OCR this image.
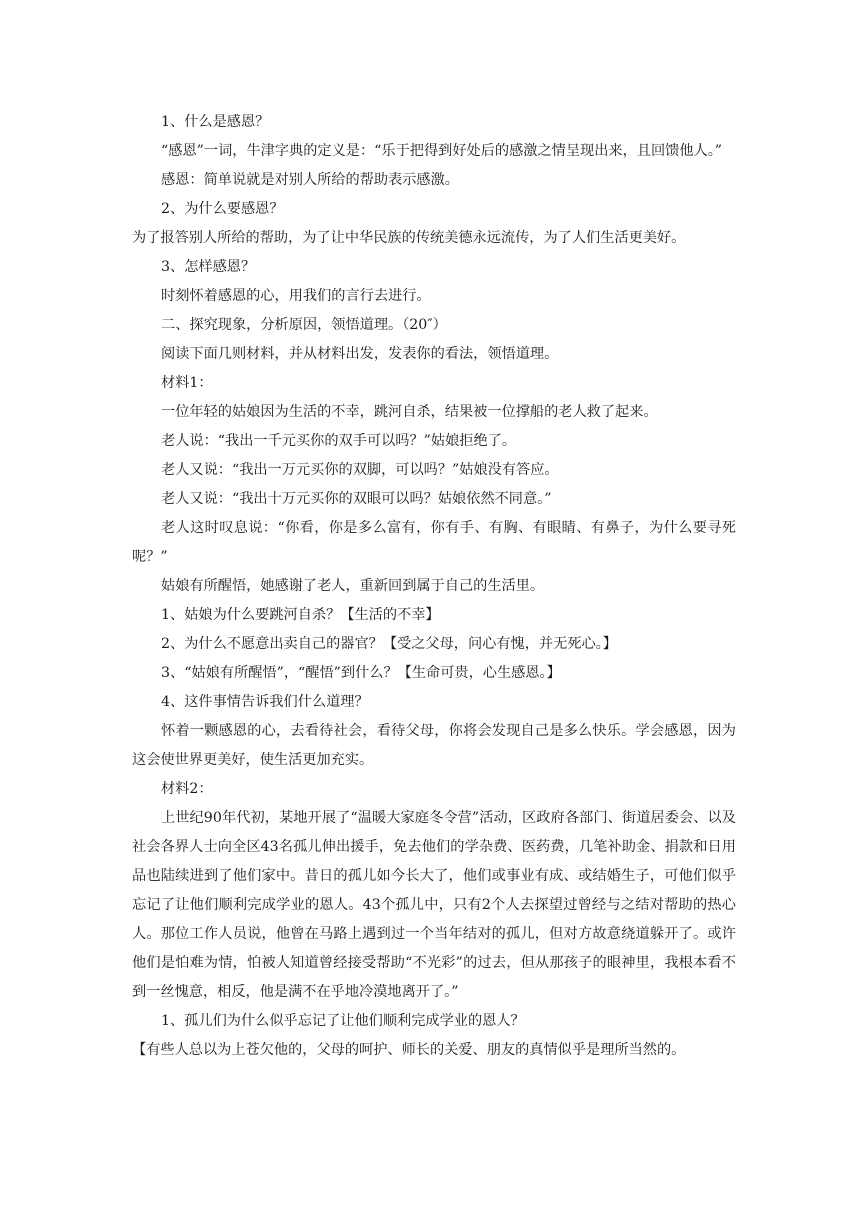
1、什么是感恩？

“感恩”一词，牛津字典的定义是：“乐于把得到好处后的感激之情呈现出来，且回馈他人。”

感恩：简单说就是对别人所给的帮助表示感激。

2、为什么要感恩？

为了报答别人所给的帮助，为了让中华民族的传统美德永远流传，为了人们生活更美好。

3、怎样感恩？

时刻怀着感恩的心，用我们的言行去进行。

二、探究现象，分析原因，领悟道理。（20″）

阅读下面几则材料，并从材料出发，发表你的看法，领悟道理。

材料1：

一位年轻的姑娘因为生活的不幸，跳河自杀，结果被一位撑船的老人救了起来。

老人说：“我出一千元买你的双手可以吗？”姑娘拒绝了。

老人又说：“我出一万元买你的双脚，可以吗？”姑娘没有答应。

老人又说：“我出十万元买你的双眼可以吗？姑娘依然不同意。”

老人这时叹息说：“你看，你是多么富有，你有手、有胸、有眼睛、有鼻子，为什么要寻死呢？”

姑娘有所醒悟，她感谢了老人，重新回到属于自己的生活里。

1、姑娘为什么要跳河自杀？【生活的不幸】

2、为什么不愿意出卖自己的器官？【受之父母，问心有愧，并无死心。】

3、“姑娘有所醒悟”，“醒悟”到什么？【生命可贵，心生感恩。】

4、这件事情告诉我们什么道理？

怀着一颗感恩的心，去看待社会，看待父母，你将会发现自己是多么快乐。学会感恩，因为这会使世界更美好，使生活更加充实。

材料2：

上世纪90年代初，某地开展了“温暖大家庭冬令营”活动，区政府各部门、街道居委会、以及社会各界人士向全区43名孤儿伸出援手，免去他们的学杂费、医药费，几笔补助金、捐款和日用品也陆续进到了他们家中。昔日的孤儿如今长大了，他们或事业有成、或结婚生子，可他们似乎忘记了让他们顺利完成学业的恩人。43个孤儿中，只有2个人去探望过曾经与之结对帮助的热心人。那位工作人员说，他曾在马路上遇到过一个当年结对的孤儿，但对方故意绕道躲开了。或许他们是怕难为情，怕被人知道曾经接受帮助“不光彩”的过去，但从那孩子的眼神里，我根本看不到一丝愧意，相反，他是满不在乎地冷漠地离开了。”

1、孤儿们为什么似乎忘记了让他们顺利完成学业的恩人？

【有些人总以为上苍欠他的，父母的呵护、师长的关爱、朋友的真情似乎是理所当然的。
